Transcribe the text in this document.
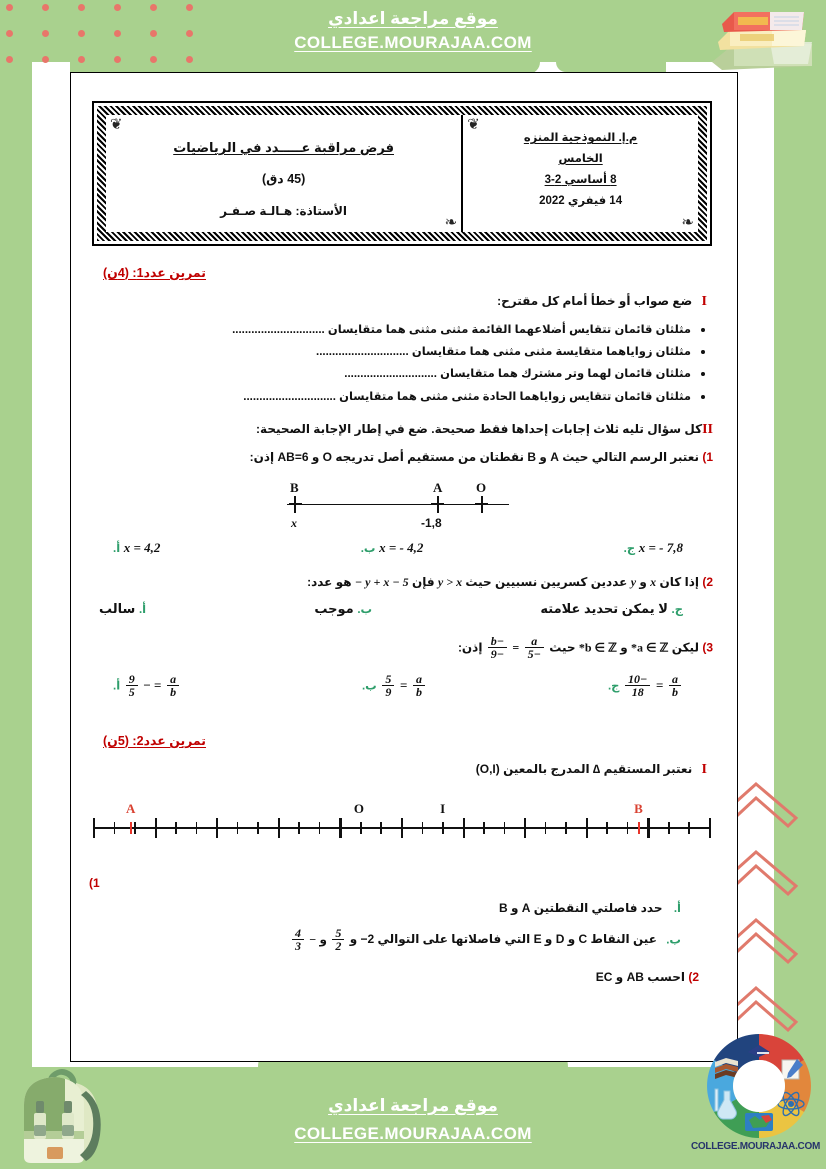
موقع مراجعة اعدادي
COLLEGE.MOURAJAA.COM
موقع مراجعة اعدادي
COLLEGE.MOURAJAA.COM
COLLEGE.MOURAJAA.COM
❦
❧
م.إ. النموذجية المنزه
الخامس
8 أساسي 2-3
14 فيفري 2022
❦
❧
فرض مراقبة عـــــدد في الرياضيات
(45 دق)
الأستاذة: هـالـة صـفـر
تمرين عدد1: (4ن)
I ضع صواب أو خطأ أمام كل مقترح:
مثلثان قائمان تتقايس أضلاعهما القائمة مثنى مثنى هما متقايسان .............................
مثلثان زواياهما متقايسة مثنى مثنى هما متقايسان .............................
مثلثان قائمان لهما وتر مشترك هما متقايسان .............................
مثلثان قائمان تتقايس زواياهما الحادة مثنى مثنى هما متقايسان .............................
IIكل سؤال تليه ثلاث إجابات إحداها فقط صحيحة. ضع في إطار الإجابة الصحيحة:
1) نعتبر الرسم التالي حيث A و B نقطتان من مستقيم أصل تدريجه O و AB=6 إذن:
B
x
A
-1,8
O
x = - 7,8 ج.
x = - 4,2 ب.
x = 4,2 أ.
2) إذا كان x و y عددين كسريين نسبيين حيث y > x فإن y + x − 5 − هو عدد:
ج. لا يمكن تحديد علامته
ب. موجب
أ. سالب
3) ليكن a ∈ ℤ* و b ∈ ℤ* حيث
$\frac{a}{-5}$
=
$\frac{-b}{-9}$
إذن:
$\frac{a}{b}$
=
$\frac{-10}{18}$
ج.
$\frac{a}{b}$
=
$\frac{5}{9}$
ب.
$\frac{a}{b}$
= −
$\frac{9}{5}$
أ.
تمرين عدد2: (5ن)
I نعتبر المستقيم ∆ المدرج بالمعين (O,I)
A	O	I	B
1)
أ. حدد فاصلتي النقطتين A و B
ب. عين النقاط C و D و E التي فاصلاتها على التوالي 2− و
$\frac{5}{2}$
و −
$\frac{4}{3}$
2) احسب AB و EC
